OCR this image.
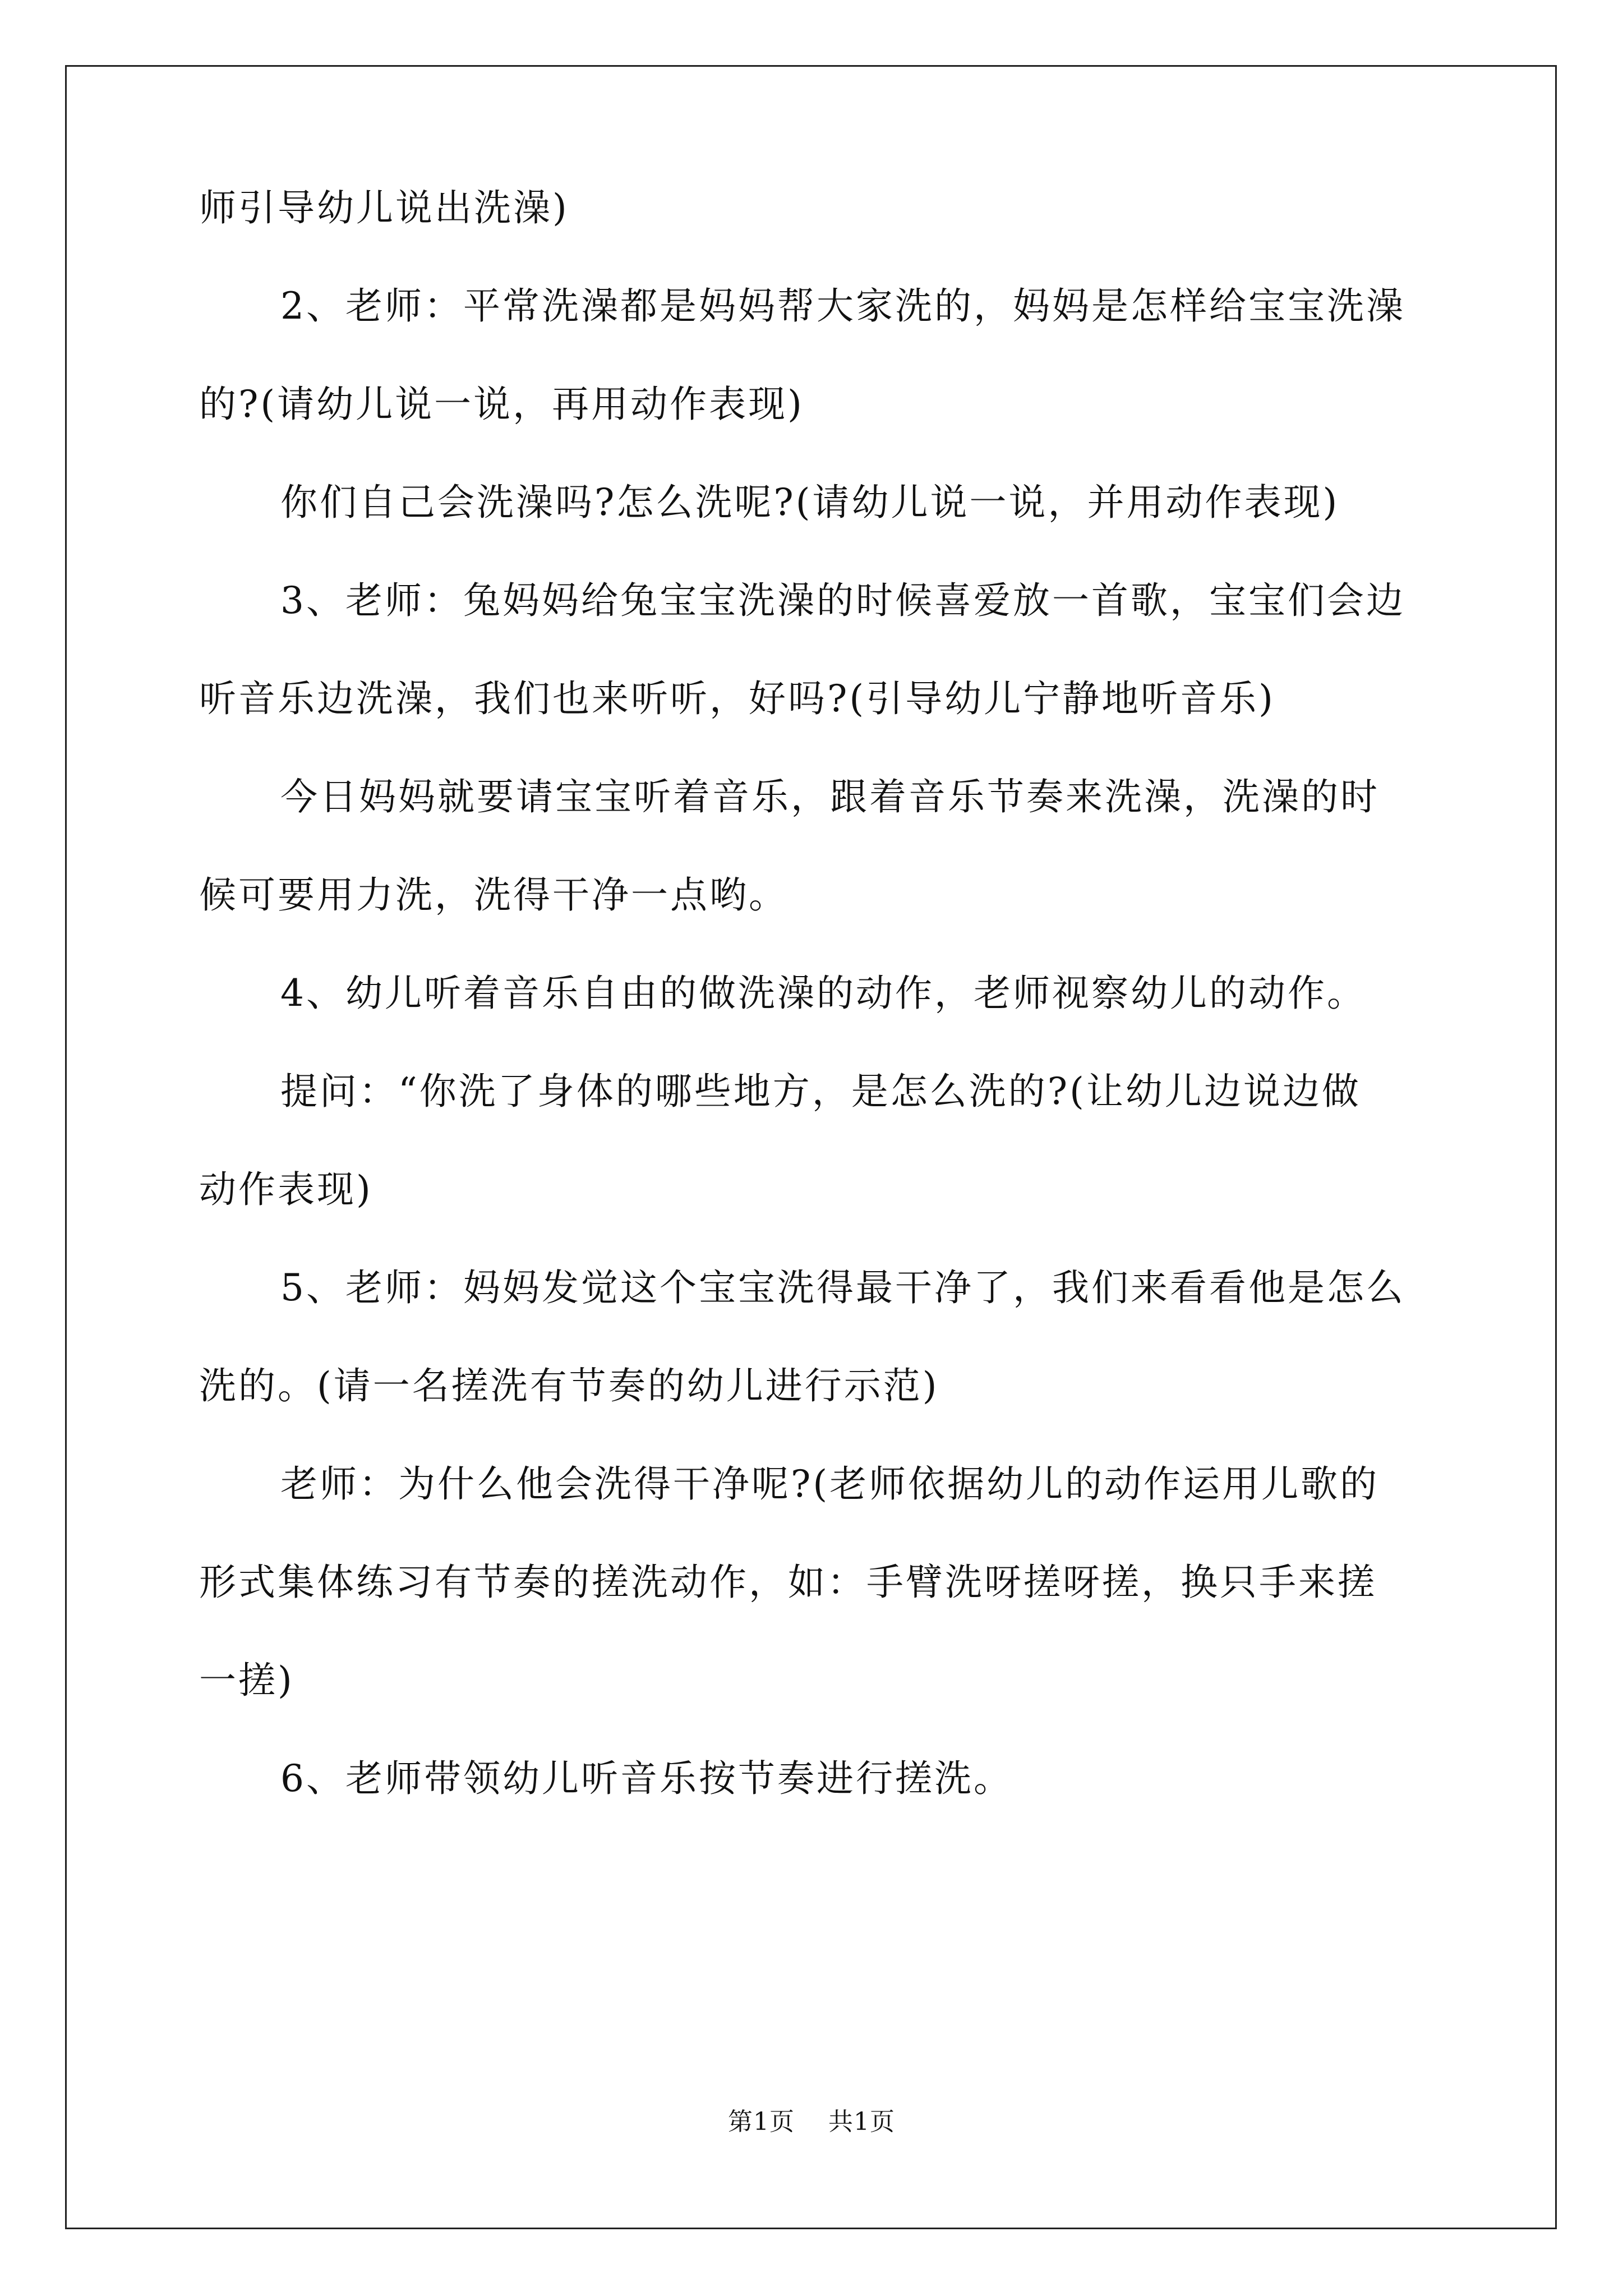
师引导幼儿说出洗澡)
2、老师：平常洗澡都是妈妈帮大家洗的，妈妈是怎样给宝宝洗澡
的?(请幼儿说一说，再用动作表现)
你们自己会洗澡吗?怎么洗呢?(请幼儿说一说，并用动作表现)
3、老师：兔妈妈给兔宝宝洗澡的时候喜爱放一首歌，宝宝们会边
听音乐边洗澡，我们也来听听，好吗?(引导幼儿宁静地听音乐)
今日妈妈就要请宝宝听着音乐，跟着音乐节奏来洗澡，洗澡的时
候可要用力洗，洗得干净一点哟。
4、幼儿听着音乐自由的做洗澡的动作，老师视察幼儿的动作。
提问：“你洗了身体的哪些地方，是怎么洗的?(让幼儿边说边做
动作表现)
5、老师：妈妈发觉这个宝宝洗得最干净了，我们来看看他是怎么
洗的。(请一名搓洗有节奏的幼儿进行示范)
老师：为什么他会洗得干净呢?(老师依据幼儿的动作运用儿歌的
形式集体练习有节奏的搓洗动作，如：手臂洗呀搓呀搓，换只手来搓
一搓)
6、老师带领幼儿听音乐按节奏进行搓洗。
第1页 共1页
